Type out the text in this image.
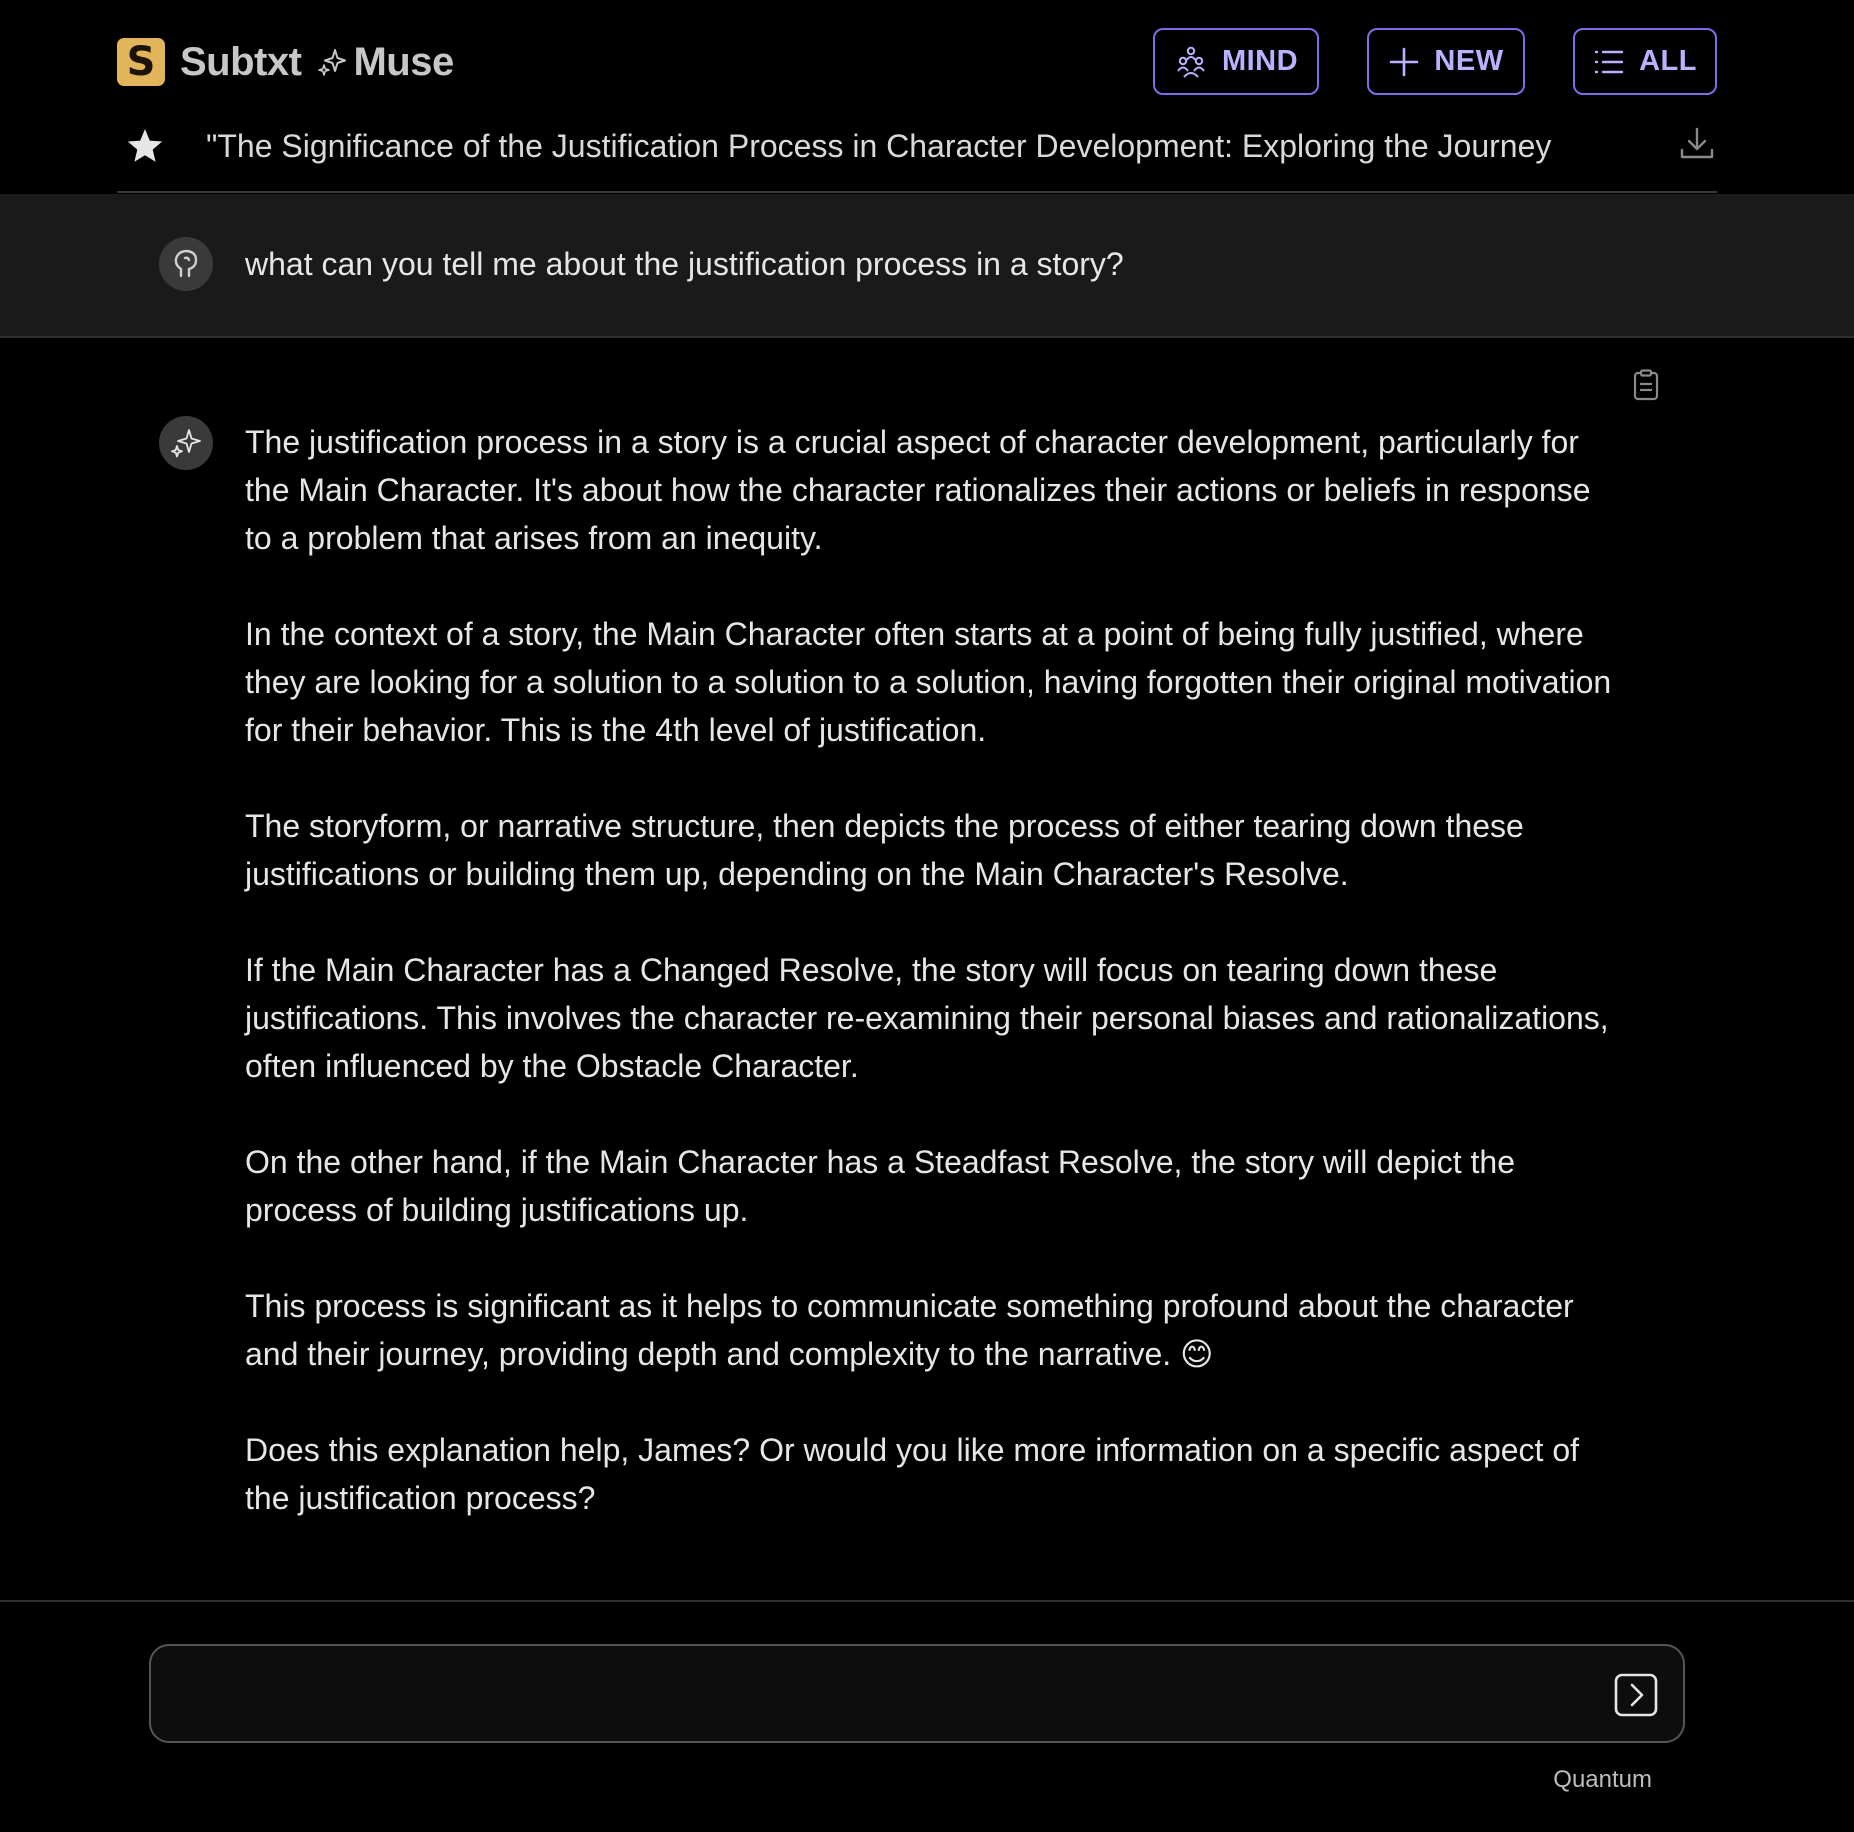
S Subtxt Muse	MIND	NEW	ALL
"The Significance of the Justification Process in Character Development: Exploring the Journey
what can you tell me about the justification process in a story?

The justification process in a story is a crucial aspect of character development, particularly for the Main Character. It's about how the character rationalizes their actions or beliefs in response to a problem that arises from an inequity.

In the context of a story, the Main Character often starts at a point of being fully justified, where they are looking for a solution to a solution to a solution, having forgotten their original motivation for their behavior. This is the 4th level of justification.

The storyform, or narrative structure, then depicts the process of either tearing down these justifications or building them up, depending on the Main Character's Resolve.

If the Main Character has a Changed Resolve, the story will focus on tearing down these justifications. This involves the character re-examining their personal biases and rationalizations, often influenced by the Obstacle Character.

On the other hand, if the Main Character has a Steadfast Resolve, the story will depict the process of building justifications up.

This process is significant as it helps to communicate something profound about the character and their journey, providing depth and complexity to the narrative. 😊

Does this explanation help, James? Or would you like more information on a specific aspect of the justification process?

Quantum
